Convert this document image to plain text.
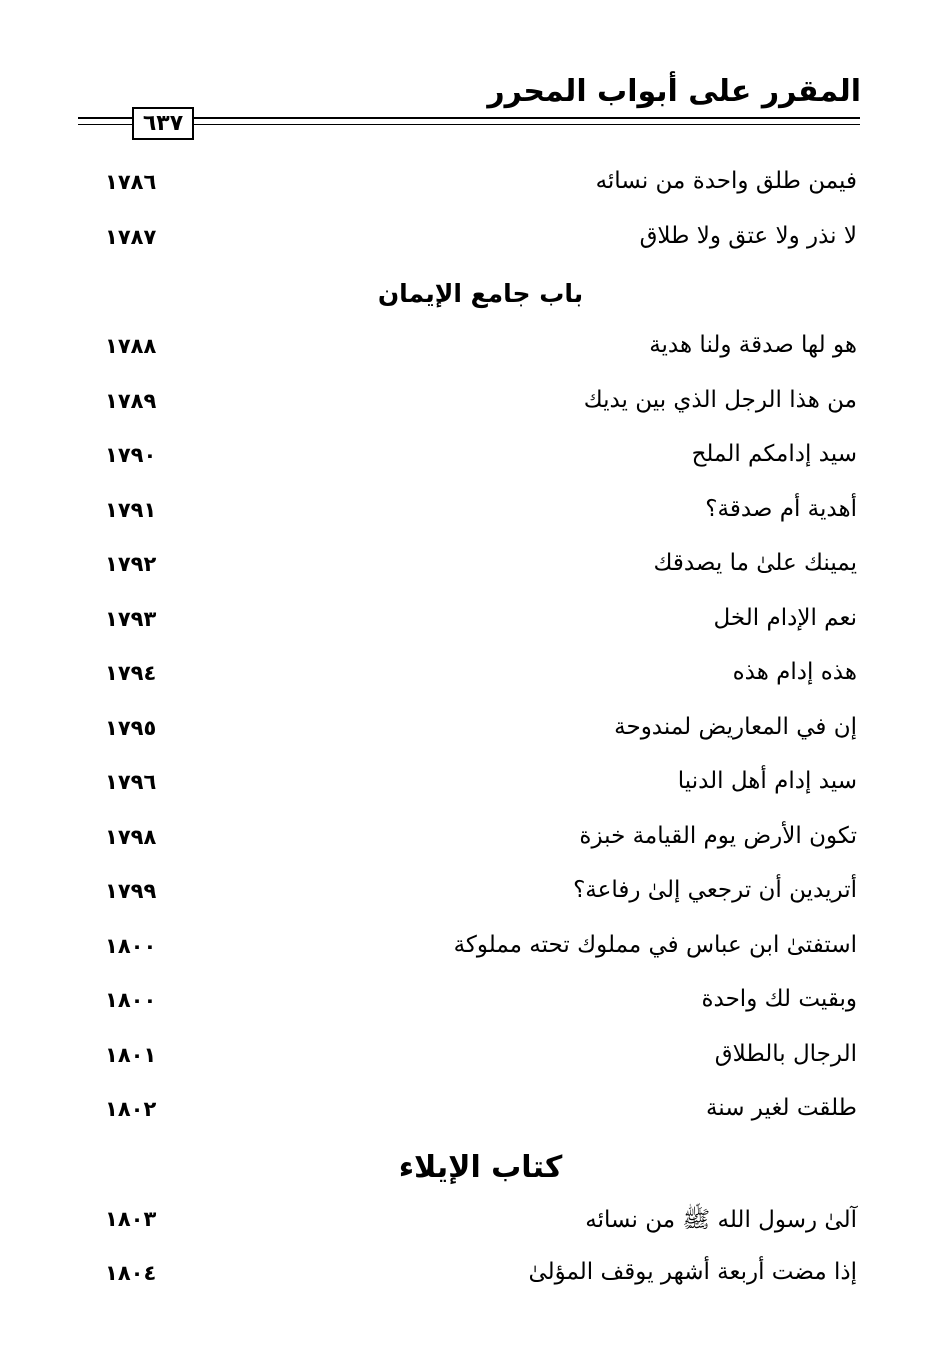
المقرر على أبواب المحرر
٦٣٧
فيمن طلق واحدة من نسائه
١٧٨٦
لا نذر ولا عتق ولا طلاق
١٧٨٧
باب جامع الإيمان
هو لها صدقة ولنا هدية
١٧٨٨
من هذا الرجل الذي بين يديك
١٧٨٩
سيد إدامكم الملح
١٧٩٠
أهدية أم صدقة؟
١٧٩١
يمينك علىٰ ما يصدقك
١٧٩٢
نعم الإدام الخل
١٧٩٣
هذه إدام هذه
١٧٩٤
إن في المعاريض لمندوحة
١٧٩٥
سيد إدام أهل الدنيا
١٧٩٦
تكون الأرض يوم القيامة خبزة
١٧٩٨
أتريدين أن ترجعي إلىٰ رفاعة؟
١٧٩٩
استفتىٰ ابن عباس في مملوك تحته مملوكة
١٨٠٠
وبقيت لك واحدة
١٨٠٠
الرجال بالطلاق
١٨٠١
طلقت لغير سنة
١٨٠٢
كتاب الإيلاء
آلىٰ رسول الله ﷺ من نسائه
١٨٠٣
إذا مضت أربعة أشهر يوقف المؤلىٰ
١٨٠٤
